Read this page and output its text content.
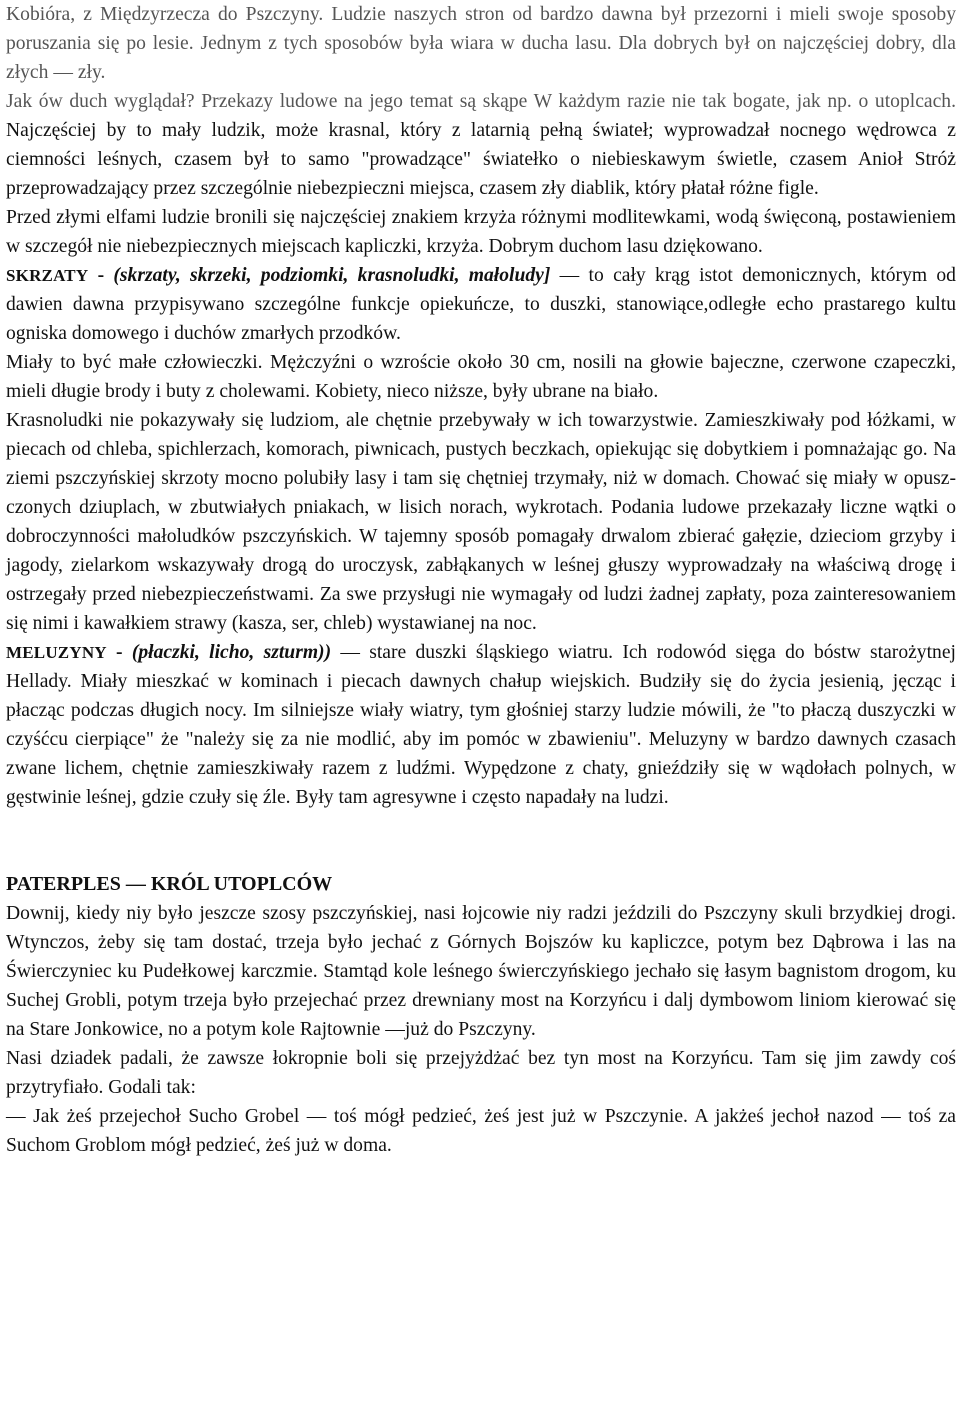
Kobióra, z Międzyrzecza do Pszczyny. Ludzie naszych stron od bardzo dawna był przezorni i mieli swoje sposoby poruszania się po lesie. Jednym z tych sposobów była wiara w ducha lasu. Dla dobrych był on najczęściej dobry, dla złych — zły.

Jak ów duch wyglądał? Przekazy ludowe na jego temat są skąpe W każdym razie nie tak bogate, jak np. o utoplcach. Najczęściej by to mały ludzik, może krasnal, który z latarnią pełną świateł; wyprowadzał nocnego wędrowca z ciemności leśnych, czasem był to samo "prowadzące" światełko o niebieskawym świetle, czasem Anioł Stróż przeprowadzający przez szczególnie niebezpieczni miejsca, czasem zły diablik, który płatał różne figle.

Przed złymi elfami ludzie bronili się najczęściej znakiem krzyża różnymi modlitewkami, wodą święconą, postawieniem w szczegół nie niebezpiecznych miejscach kapliczki, krzyża. Dobrym duchom lasu dziękowano.

SKRZATY - (skrzaty, skrzeki, podziomki, krasnoludki, małoludy] — to cały krąg istot demonicznych, którym od dawien dawna przypisywano szczególne funkcje opiekuńcze, to duszki, stanowiące,odległe echo prastarego kultu ogniska domowego i duchów zmarłych przodków.

Miały to być małe człowieczki. Mężczyźni o wzroście około 30 cm, nosili na głowie bajeczne, czerwone czapeczki, mieli długie brody i buty z cholewami. Kobiety, nieco niższe, były ubrane na biało.

Krasnoludki nie pokazywały się ludziom, ale chętnie przebywały w ich towarzystwie. Zamieszkiwały pod łóżkami, w piecach od chleba, spichlerzach, komorach, piwnicach, pustych beczkach, opiekując się dobytkiem i pomnażając go. Na ziemi pszczyńskiej skrzoty mocno polubiły lasy i tam się chętniej trzymały, niż w domach. Chować się miały w opusz-czonych dziuplach, w zbutwiałych pniakach, w lisich norach, wykrotach. Podania ludowe przekazały liczne wątki o dobroczynności małoludków pszczyńskich. W tajemny sposób pomagały drwalom zbierać gałęzie, dzieciom grzyby i jagody, zielarkom wskazywały drogą do uroczysk, zabłąkanych w leśnej głuszy wyprowadzały na właściwą drogę i ostrzegały przed niebezpieczeństwami. Za swe przysługi nie wymagały od ludzi żadnej zapłaty, poza zainteresowaniem się nimi i kawałkiem strawy (kasza, ser, chleb) wystawianej na noc.

MELUZYNY - (płaczki, licho, szturm)) — stare duszki śląskiego wiatru. Ich rodowód sięga do bóstw starożytnej Hellady. Miały mieszkać w kominach i piecach dawnych chałup wiejskich. Budziły się do życia jesienią, jęcząc i płacząc podczas długich nocy. Im silniejsze wiały wiatry, tym głośniej starzy ludzie mówili, że "to płaczą duszyczki w czyśćcu cierpiące" że "należy się za nie modlić, aby im pomóc w zbawieniu". Meluzyny w bardzo dawnych czasach zwane lichem, chętnie zamieszkiwały razem z ludźmi. Wypędzone z chaty, gnieździły się w wądołach polnych, w gęstwinie leśnej, gdzie czuły się źle. Były tam agresywne i często napadały na ludzi.

PATERPLES — KRÓL UTOPLCÓW

Downij, kiedy niy było jeszcze szosy pszczyńskiej, nasi łojcowie niy radzi jeździli do Pszczyny skuli brzydkiej drogi. Wtynczos, żeby się tam dostać, trzeja było jechać z Górnych Bojszów ku kapliczce, potym bez Dąbrowa i las na Świerczyniec ku Pudełkowej karczmie. Stamtąd kole leśnego świerczyńskiego jechało się łasym bagnistom drogom, ku Suchej Grobli, potym trzeja było przejechać przez drewniany most na Korzyńcu i dalj dymbowom liniom kierować się na Stare Jonkowice, no a potym kole Rajtownie —już do Pszczyny.

Nasi dziadek padali, że zawsze łokropnie boli się przejyżdżać bez tyn most na Korzyńcu. Tam się jim zawdy coś przytryfiało. Godali tak:

— Jak żeś przejechoł Sucho Grobel — toś mógł pedzieć, żeś jest już w Pszczynie. A jakżeś jechoł nazod — toś za Suchom Groblom mógł pedzieć, żeś już w doma.
